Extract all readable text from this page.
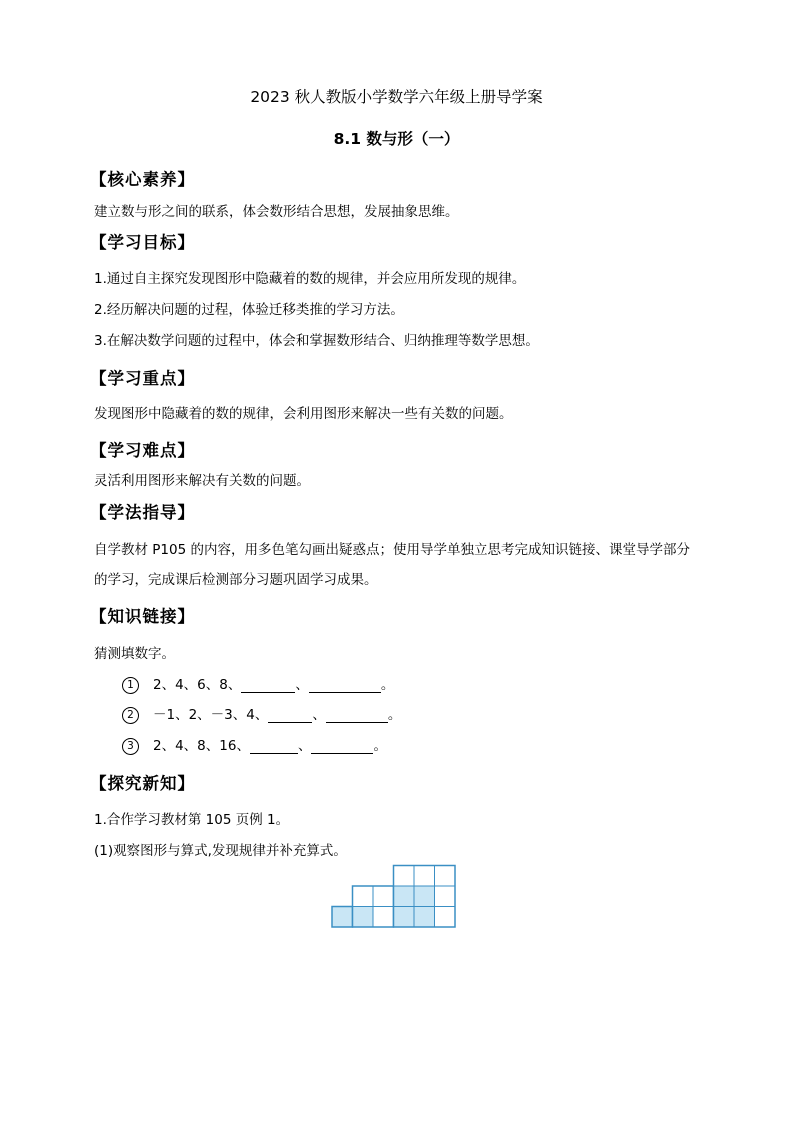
2023 秋人教版小学数学六年级上册导学案
8.1 数与形（一）
【核心素养】
建立数与形之间的联系，体会数形结合思想，发展抽象思维。
【学习目标】
1.通过自主探究发现图形中隐藏着的数的规律，并会应用所发现的规律。
2.经历解决问题的过程，体验迁移类推的学习方法。
3.在解决数学问题的过程中，体会和掌握数形结合、归纳推理等数学思想。
【学习重点】
发现图形中隐藏着的数的规律，会利用图形来解决一些有关数的问题。
【学习难点】
灵活利用图形来解决有关数的问题。
【学法指导】
自学教材 P105 的内容，用多色笔勾画出疑惑点；使用导学单独立思考完成知识链接、课堂导学部分
的学习，完成课后检测部分习题巩固学习成果。
【知识链接】
猜测填数字。
1	2、4、6、8、	、	。
2	－1、2、－3、4、	、	。
3	2、4、8、16、	、	。
【探究新知】
1.合作学习教材第 105 页例 1。
(1)观察图形与算式,发现规律并补充算式。
